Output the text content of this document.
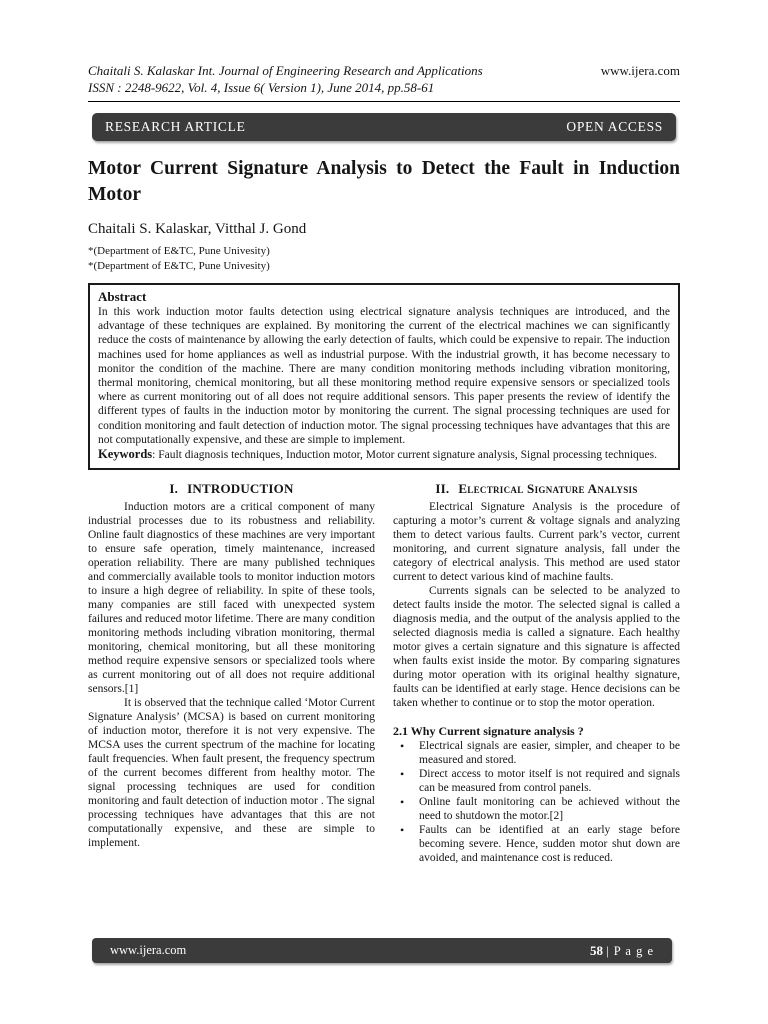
Chaitali S. Kalaskar Int. Journal of Engineering Research and Applications	www.ijera.com
ISSN : 2248-9622, Vol. 4, Issue 6( Version 1), June 2014, pp.58-61
RESEARCH ARTICLE	OPEN ACCESS
Motor Current Signature Analysis to Detect the Fault in Induction Motor
Chaitali S. Kalaskar, Vitthal J. Gond
*(Department of E&TC, Pune Univesity)
*(Department of E&TC, Pune Univesity)
Abstract
In this work induction motor faults detection using electrical signature analysis techniques are introduced, and the advantage of these techniques are explained. By monitoring the current of the electrical machines we can significantly reduce the costs of maintenance by allowing the early detection of faults, which could be expensive to repair. The induction machines used for home appliances as well as industrial purpose. With the industrial growth, it has become necessary to monitor the condition of the machine. There are many condition monitoring methods including vibration monitoring, thermal monitoring, chemical monitoring, but all these monitoring method require expensive sensors or specialized tools where as current monitoring out of all does not require additional sensors. This paper presents the review of identify the different types of faults in the induction motor by monitoring the current. The signal processing techniques are used for condition monitoring and fault detection of induction motor. The signal processing techniques have advantages that this are not computationally expensive, and these are simple to implement.
Keywords: Fault diagnosis techniques, Induction motor, Motor current signature analysis, Signal processing techniques.
I. INTRODUCTION

Induction motors are a critical component of many industrial processes due to its robustness and reliability. Online fault diagnostics of these machines are very important to ensure safe operation, timely maintenance, increased operation reliability. There are many published techniques and commercially available tools to monitor induction motors to insure a high degree of reliability. In spite of these tools, many companies are still faced with unexpected system failures and reduced motor lifetime. There are many condition monitoring methods including vibration monitoring, thermal monitoring, chemical monitoring, but all these monitoring method require expensive sensors or specialized tools where as current monitoring out of all does not require additional sensors.[1]

It is observed that the technique called ‘Motor Current Signature Analysis’ (MCSA) is based on current monitoring of induction motor, therefore it is not very expensive. The MCSA uses the current spectrum of the machine for locating fault frequencies. When fault present, the frequency spectrum of the current becomes different from healthy motor. The signal processing techniques are used for condition monitoring and fault detection of induction motor . The signal processing techniques have advantages that this are not computationally expensive, and these are simple to implement.

II. Electrical Signature Analysis

Electrical Signature Analysis is the procedure of capturing a motor’s current & voltage signals and analyzing them to detect various faults. Current park’s vector, current monitoring, and current signature analysis, fall under the category of electrical analysis. This method are used stator current to detect various kind of machine faults.

Currents signals can be selected to be analyzed to detect faults inside the motor. The selected signal is called a diagnosis media, and the output of the analysis applied to the selected diagnosis media is called a signature. Each healthy motor gives a certain signature and this signature is affected when faults exist inside the motor. By comparing signatures during motor operation with its original healthy signature, faults can be identified at early stage. Hence decisions can be taken whether to continue or to stop the motor operation.

2.1 Why Current signature analysis ?
•	Electrical signals are easier, simpler, and cheaper to be measured and stored.
•	Direct access to motor itself is not required and signals can be measured from control panels.
•	Online fault monitoring can be achieved without the need to shutdown the motor.[2]
•	Faults can be identified at an early stage before becoming severe. Hence, sudden motor shut down are avoided, and maintenance cost is reduced.
www.ijera.com	58 | P a g e
